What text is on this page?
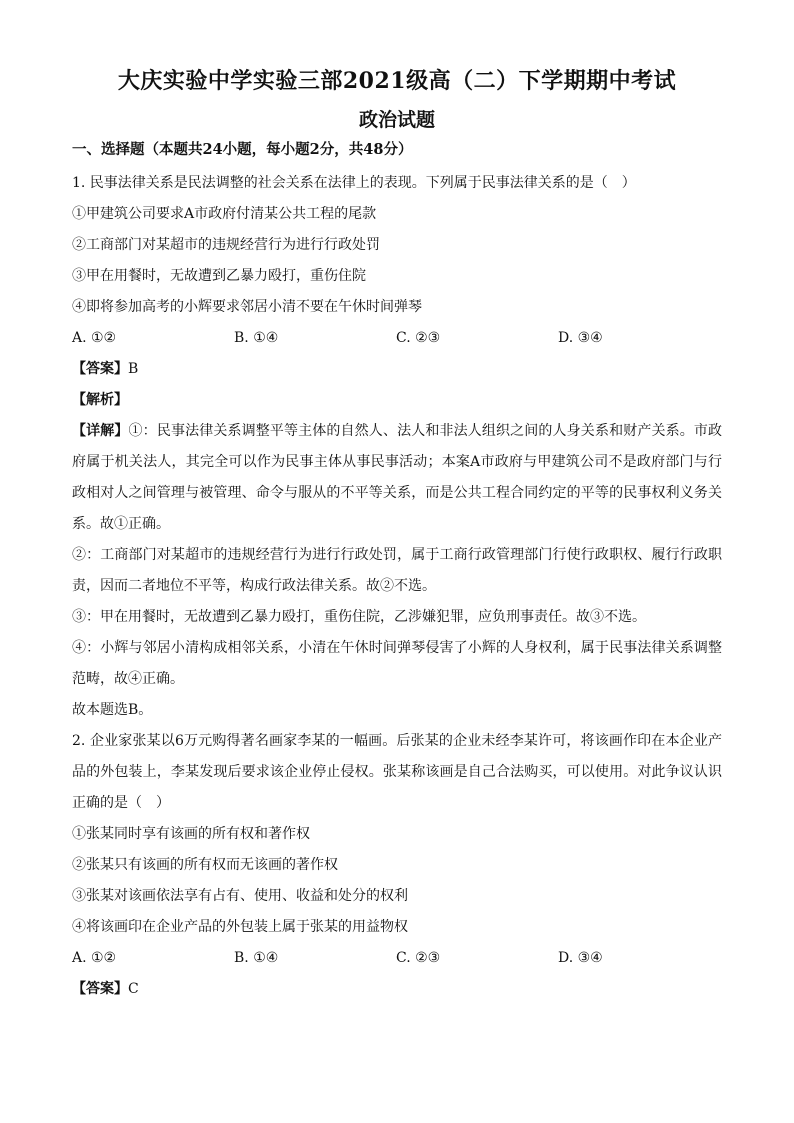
大庆实验中学实验三部2021级高（二）下学期期中考试
政治试题
一、选择题（本题共24小题，每小题2分，共48分）

1. 民事法律关系是民法调整的社会关系在法律上的表现。下列属于民事法律关系的是（　）

①甲建筑公司要求A市政府付清某公共工程的尾款

②工商部门对某超市的违规经营行为进行行政处罚

③甲在用餐时，无故遭到乙暴力殴打，重伤住院

④即将参加高考的小辉要求邻居小清不要在午休时间弹琴

A. ①②	B. ①④	C. ②③	D. ③④

【答案】B

【解析】

【详解】①：民事法律关系调整平等主体的自然人、法人和非法人组织之间的人身关系和财产关系。市政府属于机关法人，其完全可以作为民事主体从事民事活动；本案A市政府与甲建筑公司不是政府部门与行政相对人之间管理与被管理、命令与服从的不平等关系，而是公共工程合同约定的平等的民事权利义务关系。故①正确。

②：工商部门对某超市的违规经营行为进行行政处罚，属于工商行政管理部门行使行政职权、履行行政职责，因而二者地位不平等，构成行政法律关系。故②不选。

③：甲在用餐时，无故遭到乙暴力殴打，重伤住院，乙涉嫌犯罪，应负刑事责任。故③不选。

④：小辉与邻居小清构成相邻关系，小清在午休时间弹琴侵害了小辉的人身权利，属于民事法律关系调整范畴，故④正确。

故本题选B。

2. 企业家张某以6万元购得著名画家李某的一幅画。后张某的企业未经李某许可，将该画作印在本企业产品的外包装上，李某发现后要求该企业停止侵权。张某称该画是自己合法购买，可以使用。对此争议认识正确的是（　）

①张某同时享有该画的所有权和著作权

②张某只有该画的所有权而无该画的著作权

③张某对该画依法享有占有、使用、收益和处分的权利

④将该画印在企业产品的外包装上属于张某的用益物权

A. ①②	B. ①④	C. ②③	D. ③④

【答案】C
